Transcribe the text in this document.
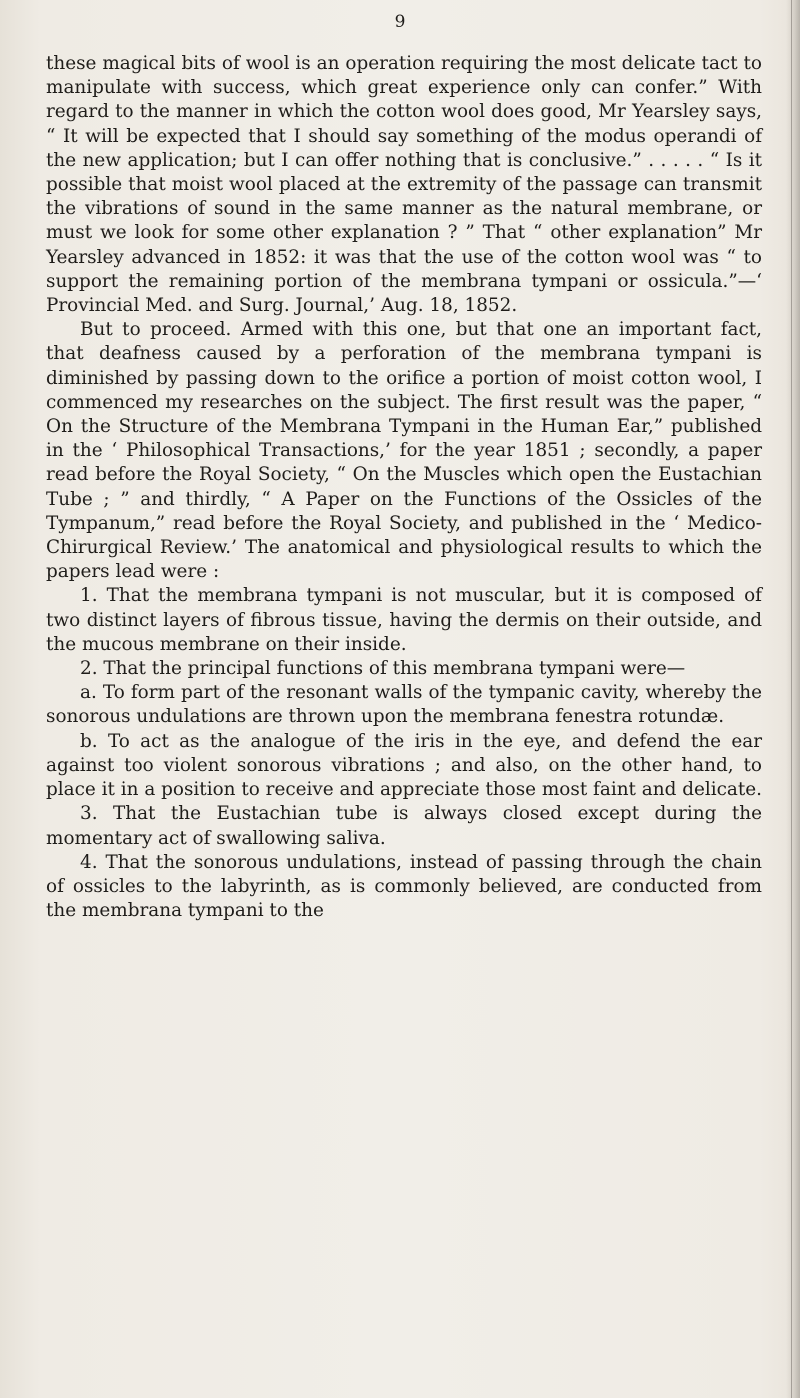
9

these magical bits of wool is an operation requiring the most delicate tact to manipulate with success, which great experience only can confer.” With regard to the manner in which the cotton wool does good, Mr Yearsley says, “ It will be expected that I should say something of the modus operandi of the new application; but I can offer nothing that is conclusive.” . . . . . “ Is it possible that moist wool placed at the extremity of the passage can transmit the vibrations of sound in the same manner as the natural membrane, or must we look for some other explanation ? ” That “ other explanation” Mr Yearsley advanced in 1852: it was that the use of the cotton wool was “ to support the remaining portion of the membrana tympani or ossicula.”—‘ Provincial Med. and Surg. Journal,’ Aug. 18, 1852.

But to proceed. Armed with this one, but that one an important fact, that deafness caused by a perforation of the membrana tympani is diminished by passing down to the orifice a portion of moist cotton wool, I commenced my researches on the subject. The first result was the paper, “ On the Structure of the Membrana Tympani in the Human Ear,” published in the ‘ Philosophical Transactions,’ for the year 1851 ; secondly, a paper read before the Royal Society, “ On the Muscles which open the Eustachian Tube ; ” and thirdly, “ A Paper on the Functions of the Ossicles of the Tympanum,” read before the Royal Society, and published in the ‘ Medico-Chirurgical Review.’ The anatomical and physiological results to which the papers lead were :

1. That the membrana tympani is not muscular, but it is composed of two distinct layers of fibrous tissue, having the dermis on their outside, and the mucous membrane on their inside.

2. That the principal functions of this membrana tympani were—

a. To form part of the resonant walls of the tympanic cavity, whereby the sonorous undulations are thrown upon the membrana fenestra rotundæ.

b. To act as the analogue of the iris in the eye, and defend the ear against too violent sonorous vibrations ; and also, on the other hand, to place it in a position to receive and appreciate those most faint and delicate.

3. That the Eustachian tube is always closed except during the momentary act of swallowing saliva.

4. That the sonorous undulations, instead of passing through the chain of ossicles to the labyrinth, as is commonly believed, are conducted from the membrana tympani to the
